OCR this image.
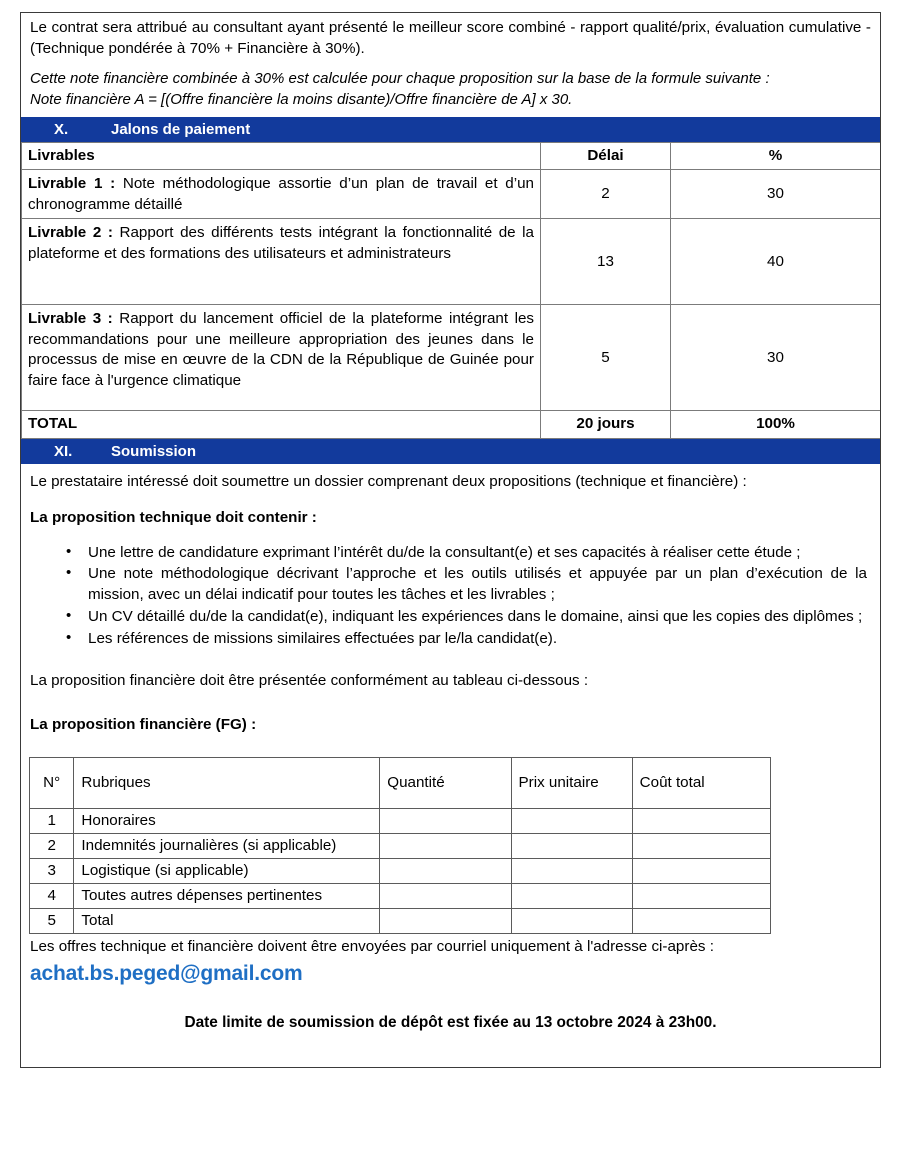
Le contrat sera attribué au consultant ayant présenté le meilleur score combiné - rapport qualité/prix, évaluation cumulative - (Technique pondérée à 70% + Financière à 30%).

Cette note financière combinée à 30% est calculée pour chaque proposition sur la base de la formule suivante :

Note financière A = [(Offre financière la moins disante)/Offre financière de A] x 30.

X.	Jalons de paiement
Livrables	Délai	%
Livrable 1 : Note méthodologique assortie d’un plan de travail et d’un chronogramme détaillé	2	30
Livrable 2 : Rapport des différents tests intégrant la fonctionnalité de la plateforme et des formations des utilisateurs et administrateurs	13	40
Livrable 3 : Rapport du lancement officiel de la plateforme intégrant les recommandations pour une meilleure appropriation des jeunes dans le processus de mise en œuvre de la CDN de la République de Guinée pour faire face à l'urgence climatique	5	30
TOTAL	20 jours	100%
XI.	Soumission

Le prestataire intéressé doit soumettre un dossier comprenant deux propositions (technique et financière) :

La proposition technique doit contenir :

• Une lettre de candidature exprimant l’intérêt du/de la consultant(e) et ses capacités à réaliser cette étude ;
• Une note méthodologique décrivant l’approche et les outils utilisés et appuyée par un plan d’exécution de la mission, avec un délai indicatif pour toutes les tâches et les livrables ;
• Un CV détaillé du/de la candidat(e), indiquant les expériences dans le domaine, ainsi que les copies des diplômes ;
• Les références de missions similaires effectuées par le/la candidat(e).

La proposition financière doit être présentée conformément au tableau ci-dessous :

La proposition financière (FG) :

N°	Rubriques	Quantité	Prix unitaire	Coût total
1	Honoraires			
2	Indemnités journalières (si applicable)			
3	Logistique (si applicable)			
4	Toutes autres dépenses pertinentes			
5	Total			

Les offres technique et financière doivent être envoyées par courriel uniquement à l'adresse ci-après :

achat.bs.peged@gmail.com

Date limite de soumission de dépôt est fixée au 13 octobre 2024 à 23h00.
